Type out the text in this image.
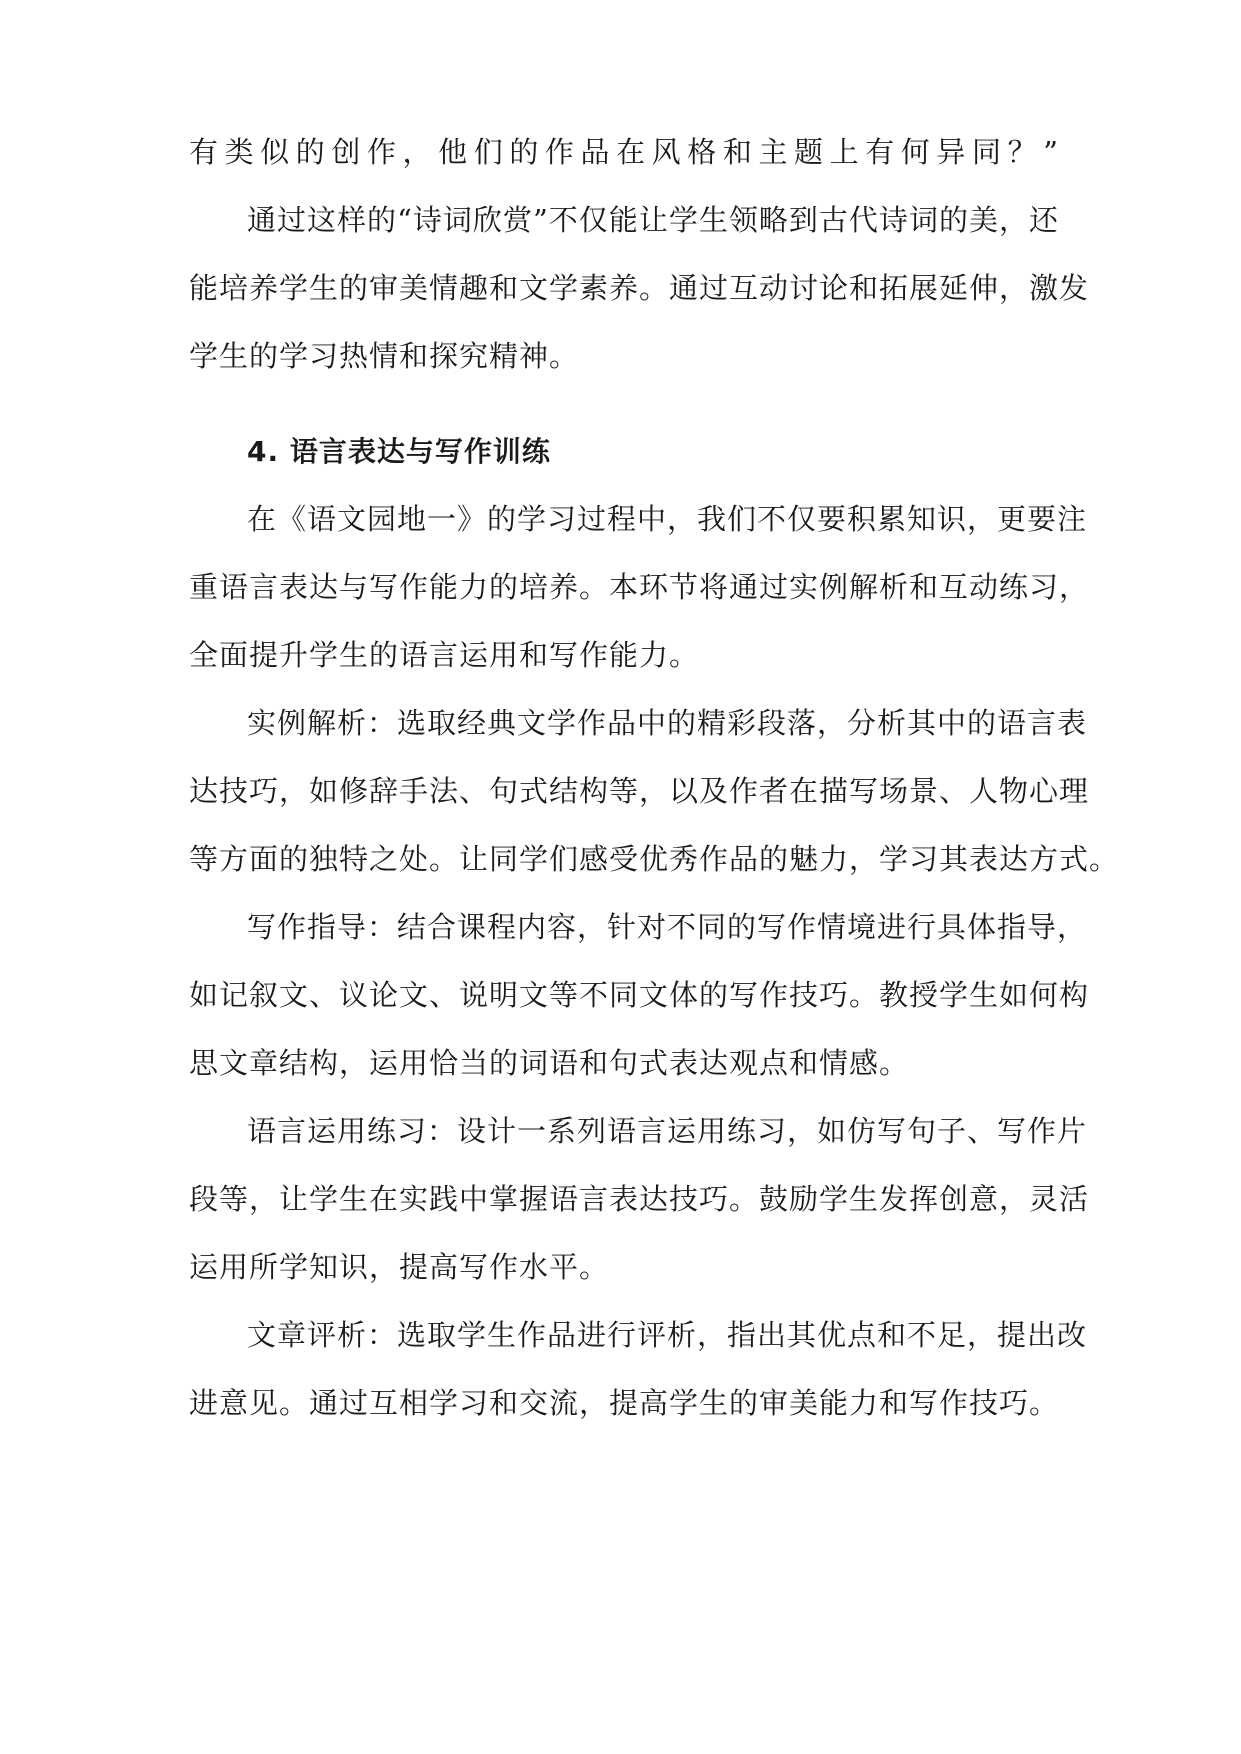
有类似的创作，他们的作品在风格和主题上有何异同？”
通过这样的“诗词欣赏”不仅能让学生领略到古代诗词的美，还
能培养学生的审美情趣和文学素养。通过互动讨论和拓展延伸，激发
学生的学习热情和探究精神。
4. 语言表达与写作训练
在《语文园地一》的学习过程中，我们不仅要积累知识，更要注
重语言表达与写作能力的培养。本环节将通过实例解析和互动练习，
全面提升学生的语言运用和写作能力。
实例解析：选取经典文学作品中的精彩段落，分析其中的语言表
达技巧，如修辞手法、句式结构等，以及作者在描写场景、人物心理
等方面的独特之处。让同学们感受优秀作品的魅力，学习其表达方式。
写作指导：结合课程内容，针对不同的写作情境进行具体指导，
如记叙文、议论文、说明文等不同文体的写作技巧。教授学生如何构
思文章结构，运用恰当的词语和句式表达观点和情感。
语言运用练习：设计一系列语言运用练习，如仿写句子、写作片
段等，让学生在实践中掌握语言表达技巧。鼓励学生发挥创意，灵活
运用所学知识，提高写作水平。
文章评析：选取学生作品进行评析，指出其优点和不足，提出改
进意见。通过互相学习和交流，提高学生的审美能力和写作技巧。
